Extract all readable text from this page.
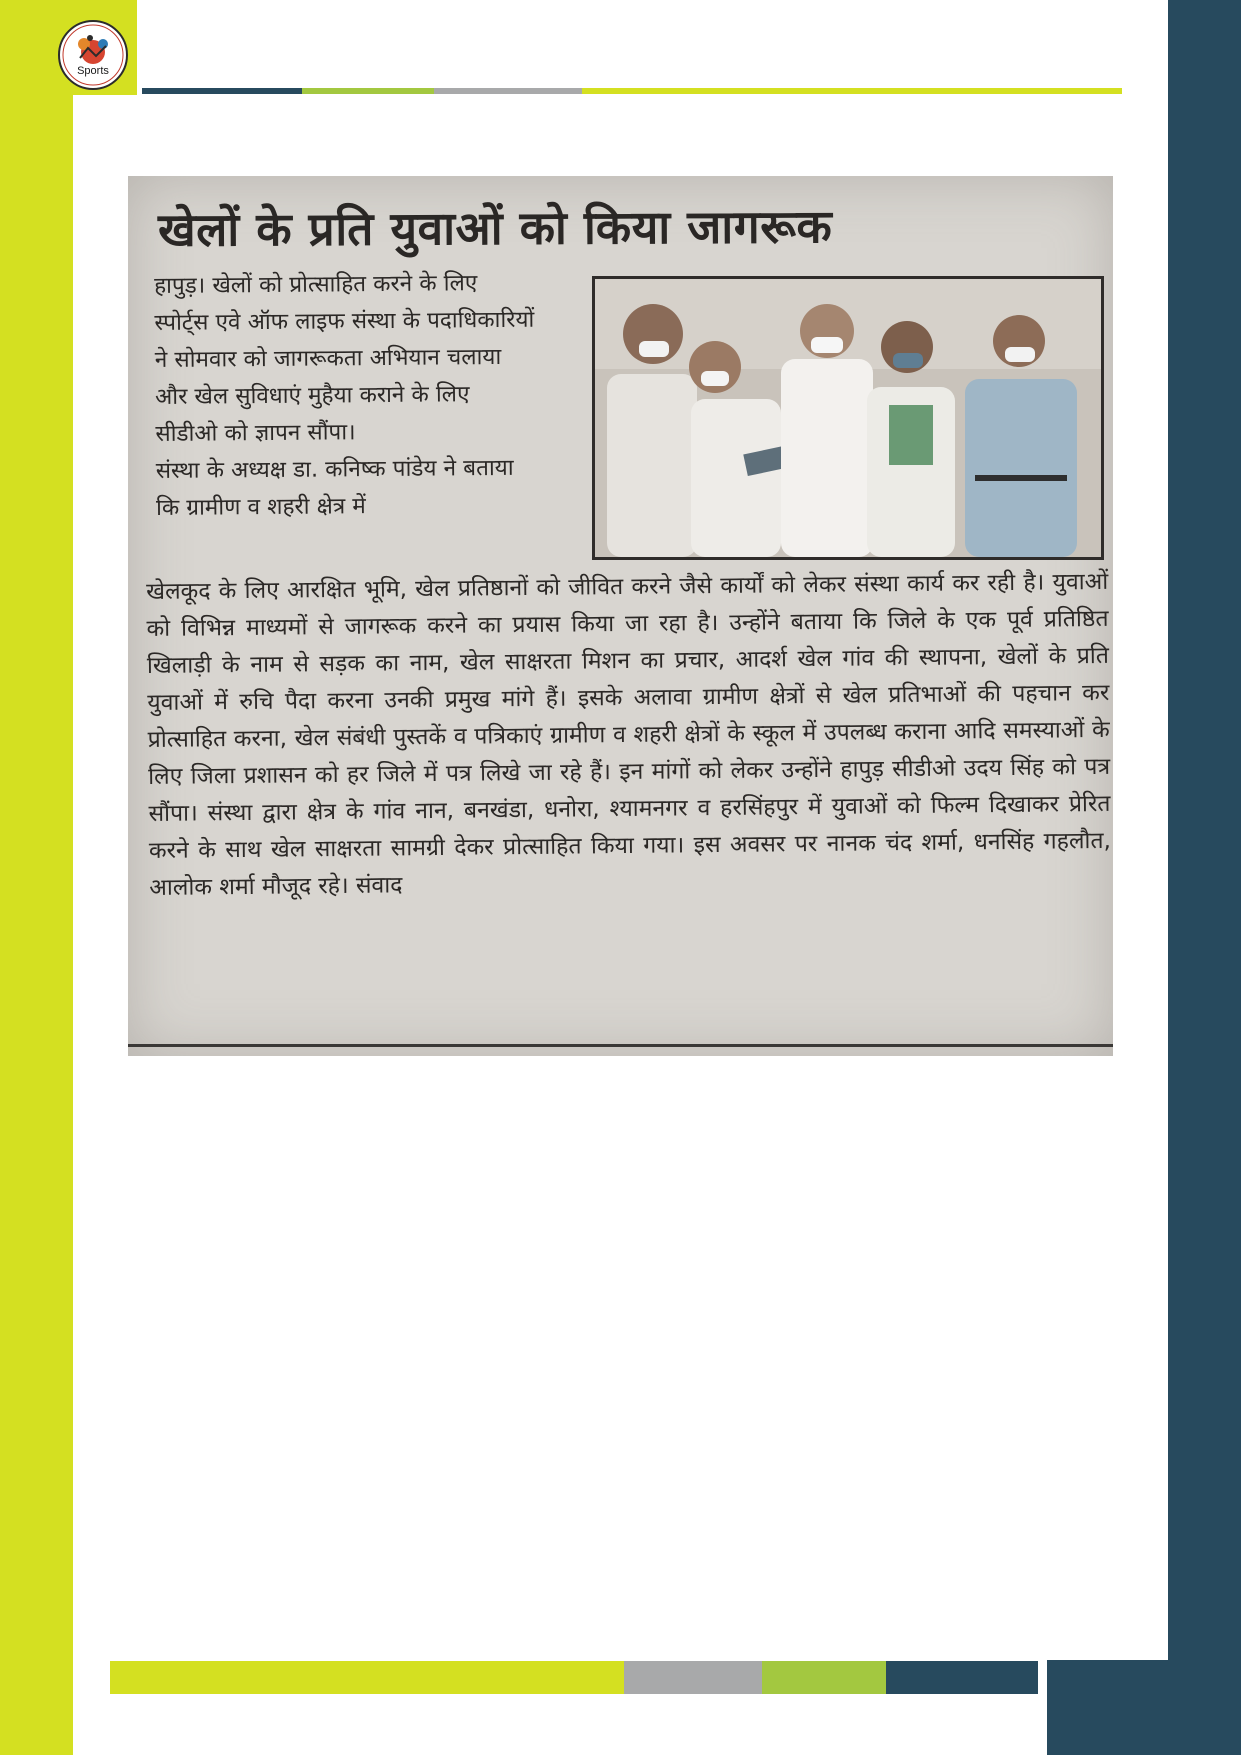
Sports
खेलों के प्रति युवाओं को किया जागरूक

हापुड़। खेलों को प्रोत्साहित करने के लिए स्पोर्ट्स एवे ऑफ लाइफ संस्था के पदाधिकारियों ने सोमवार को जागरूकता अभियान चलाया और खेल सुविधाएं मुहैया कराने के लिए सीडीओ को ज्ञापन सौंपा।

संस्था के अध्यक्ष डा. कनिष्क पांडेय ने बताया कि ग्रामीण व शहरी क्षेत्र में

खेलकूद के लिए आरक्षित भूमि, खेल प्रतिष्ठानों को जीवित करने जैसे कार्यों को लेकर संस्था कार्य कर रही है। युवाओं को विभिन्न माध्यमों से जागरूक करने का प्रयास किया जा रहा है। उन्होंने बताया कि जिले के एक पूर्व प्रतिष्ठित खिलाड़ी के नाम से सड़क का नाम, खेल साक्षरता मिशन का प्रचार, आदर्श खेल गांव की स्थापना, खेलों के प्रति युवाओं में रुचि पैदा करना उनकी प्रमुख मांगे हैं। इसके अलावा ग्रामीण क्षेत्रों से खेल प्रतिभाओं की पहचान कर प्रोत्साहित करना, खेल संबंधी पुस्तकें व पत्रिकाएं ग्रामीण व शहरी क्षेत्रों के स्कूल में उपलब्ध कराना आदि समस्याओं के लिए जिला प्रशासन को हर जिले में पत्र लिखे जा रहे हैं। इन मांगों को लेकर उन्होंने हापुड़ सीडीओ उदय सिंह को पत्र सौंपा। संस्था द्वारा क्षेत्र के गांव नान, बनखंडा, धनोरा, श्यामनगर व हरसिंहपुर में युवाओं को फिल्म दिखाकर प्रेरित करने के साथ खेल साक्षरता सामग्री देकर प्रोत्साहित किया गया। इस अवसर पर नानक चंद शर्मा, धनसिंह गहलौत, आलोक शर्मा मौजूद रहे। संवाद
